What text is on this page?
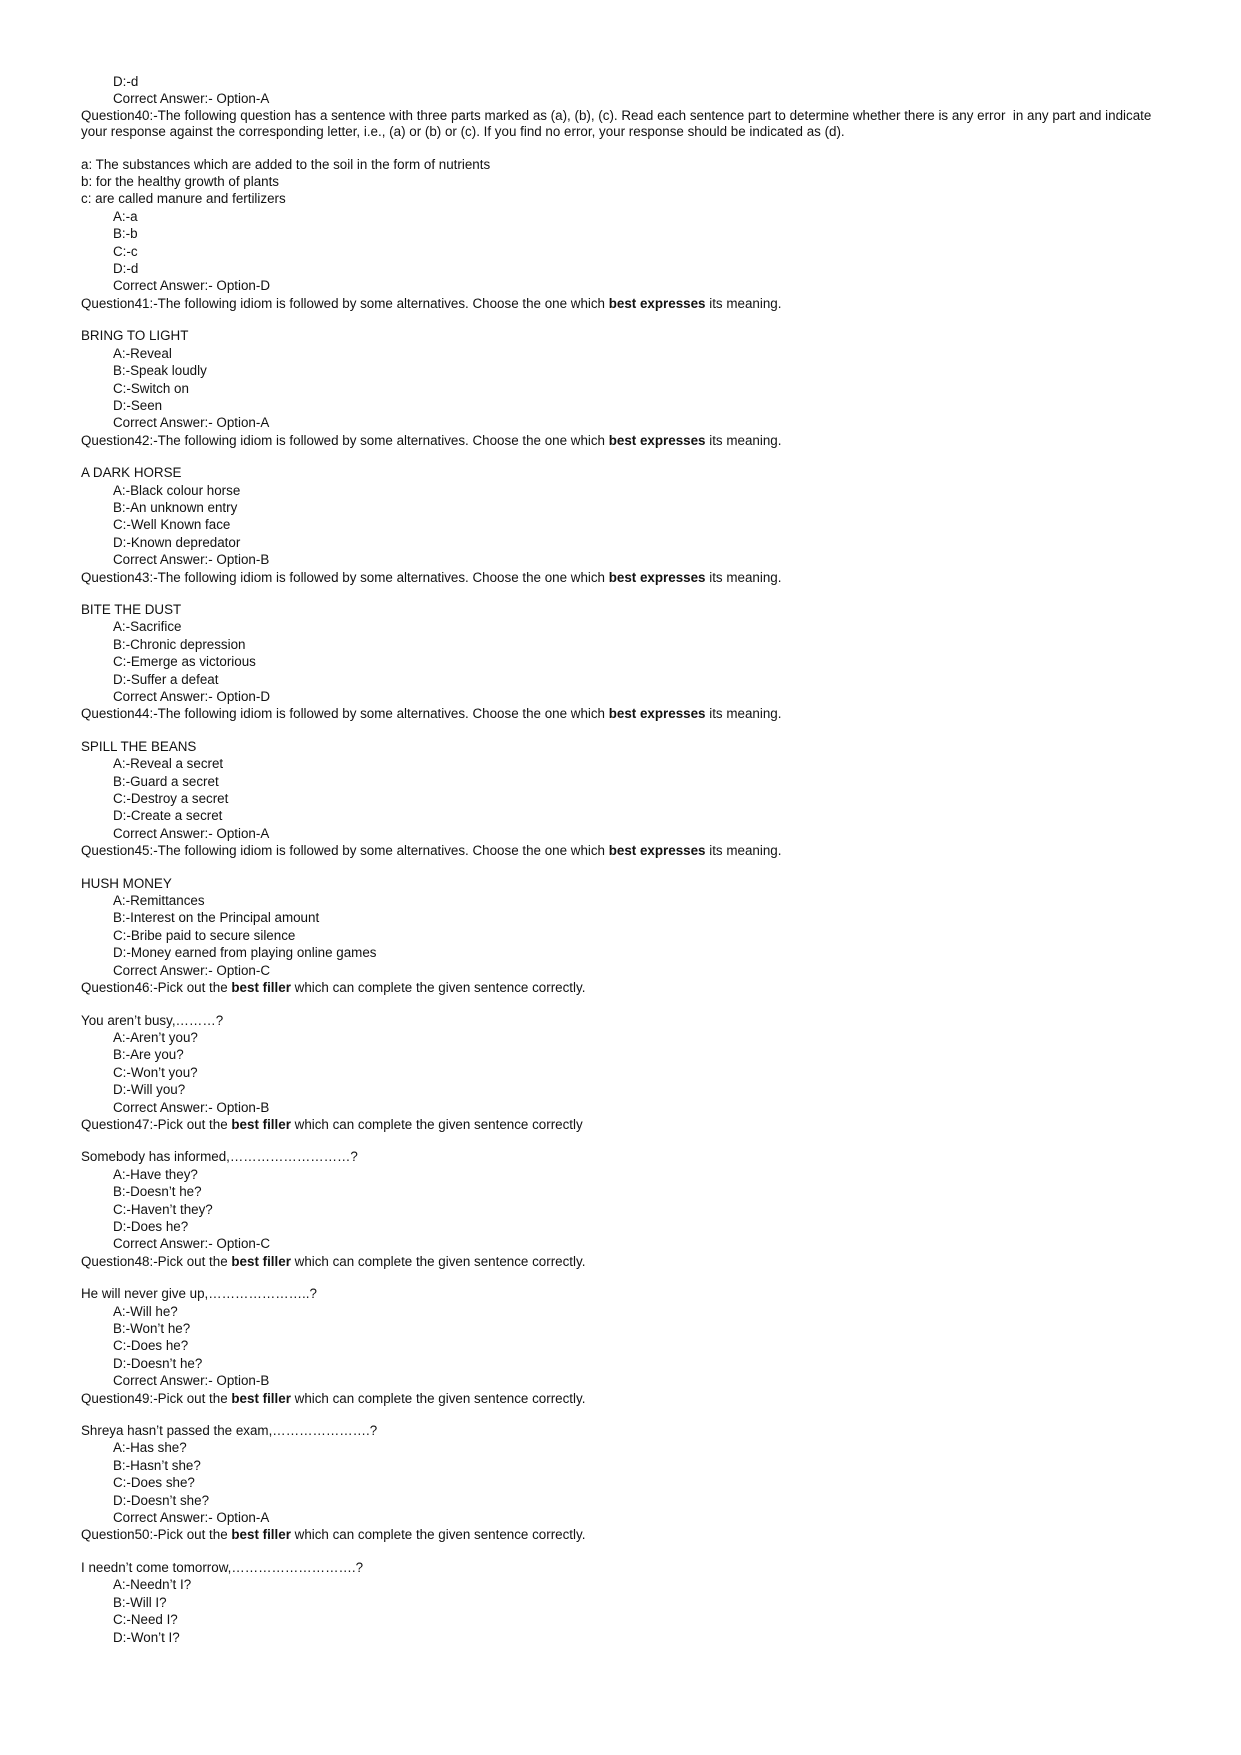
D:-d
Correct Answer:- Option-A
Question40:-The following question has a sentence with three parts marked as (a), (b), (c). Read each sentence part to determine whether there is any error  in any part and indicate your response against the corresponding letter, i.e., (a) or (b) or (c). If you find no error, your response should be indicated as (d).
a: The substances which are added to the soil in the form of nutrients
b: for the healthy growth of plants
c: are called manure and fertilizers
A:-a
B:-b
C:-c
D:-d
Correct Answer:- Option-D
Question41:-The following idiom is followed by some alternatives. Choose the one which best expresses its meaning.
BRING TO LIGHT
A:-Reveal
B:-Speak loudly
C:-Switch on
D:-Seen
Correct Answer:- Option-A
Question42:-The following idiom is followed by some alternatives. Choose the one which best expresses its meaning.
A DARK HORSE
A:-Black colour horse
B:-An unknown entry
C:-Well Known face
D:-Known depredator
Correct Answer:- Option-B
Question43:-The following idiom is followed by some alternatives. Choose the one which best expresses its meaning.
BITE THE DUST
A:-Sacrifice
B:-Chronic depression
C:-Emerge as victorious
D:-Suffer a defeat
Correct Answer:- Option-D
Question44:-The following idiom is followed by some alternatives. Choose the one which best expresses its meaning.
SPILL THE BEANS
A:-Reveal a secret
B:-Guard a secret
C:-Destroy a secret
D:-Create a secret
Correct Answer:- Option-A
Question45:-The following idiom is followed by some alternatives. Choose the one which best expresses its meaning.
HUSH MONEY
A:-Remittances
B:-Interest on the Principal amount
C:-Bribe paid to secure silence
D:-Money earned from playing online games
Correct Answer:- Option-C
Question46:-Pick out the best filler which can complete the given sentence correctly.
You aren’t busy,………?
A:-Aren’t you?
B:-Are you?
C:-Won’t you?
D:-Will you?
Correct Answer:- Option-B
Question47:-Pick out the best filler which can complete the given sentence correctly
Somebody has informed,………………………?
A:-Have they?
B:-Doesn’t he?
C:-Haven’t they?
D:-Does he?
Correct Answer:- Option-C
Question48:-Pick out the best filler which can complete the given sentence correctly.
He will never give up,…………………..?
A:-Will he?
B:-Won’t he?
C:-Does he?
D:-Doesn’t he?
Correct Answer:- Option-B
Question49:-Pick out the best filler which can complete the given sentence correctly.
Shreya hasn’t passed the exam,………………….?
A:-Has she?
B:-Hasn’t she?
C:-Does she?
D:-Doesn’t she?
Correct Answer:- Option-A
Question50:-Pick out the best filler which can complete the given sentence correctly.
I needn’t come tomorrow,……………………….?
A:-Needn’t I?
B:-Will I?
C:-Need I?
D:-Won’t I?
